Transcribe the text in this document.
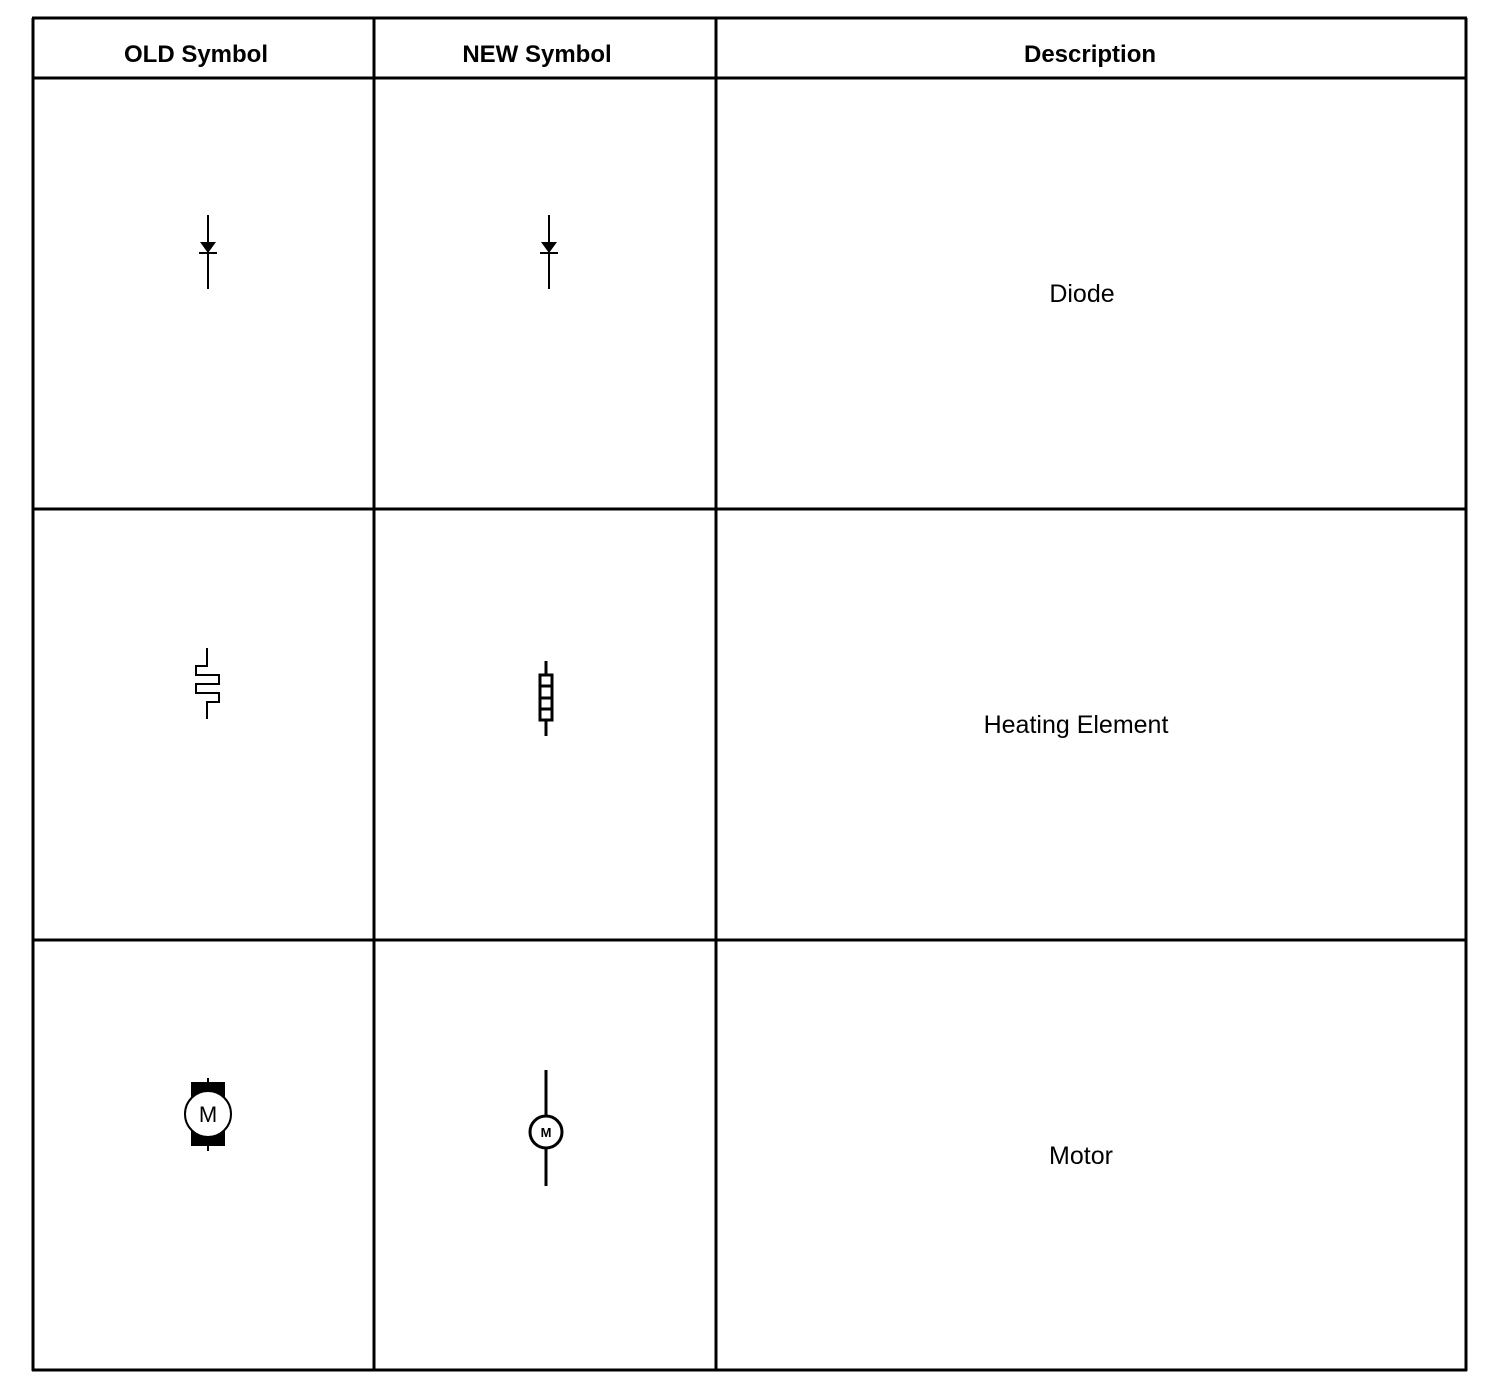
OLD Symbol	NEW Symbol	Description
Diode
Heating Element
M
M
Motor
